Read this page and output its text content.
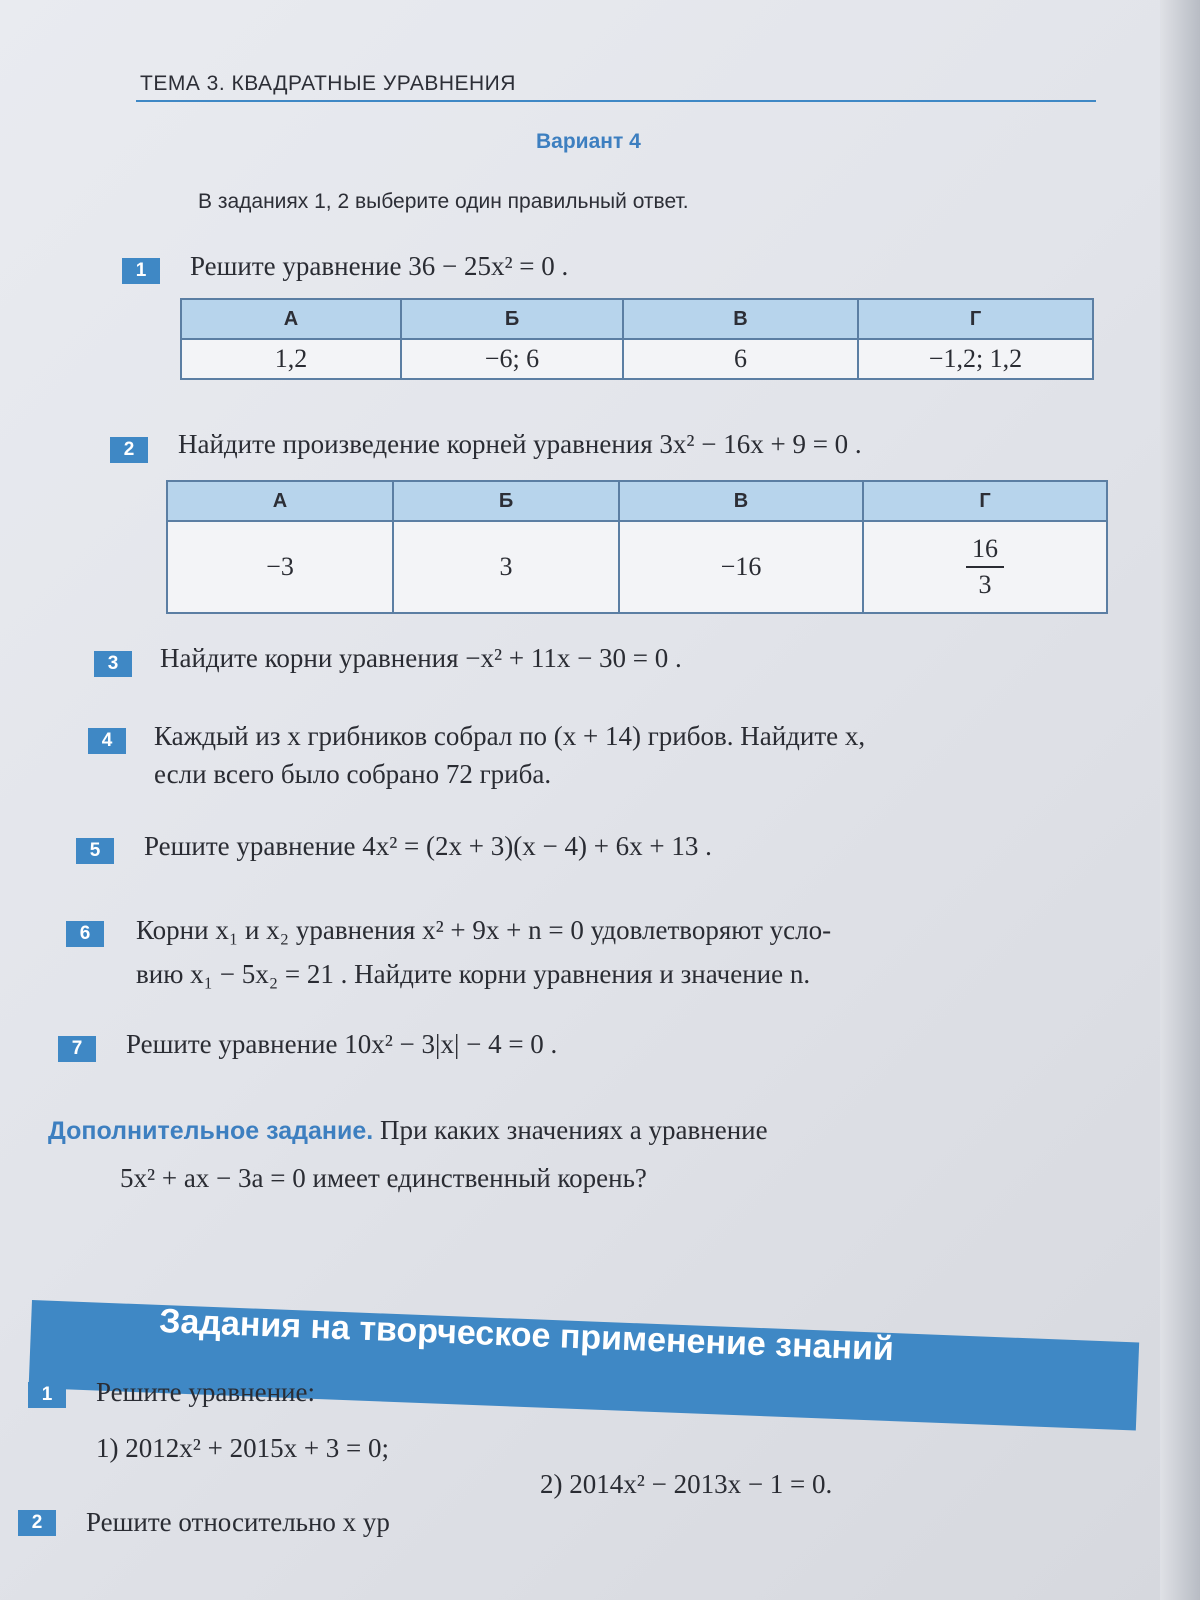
ТЕМА 3. КВАДРАТНЫЕ УРАВНЕНИЯ
Вариант 4
В заданиях 1, 2 выберите один правильный ответ.
1	Решите уравнение 36 − 25x² = 0 .
А	Б	В	Г
1,2	−6; 6	6	−1,2; 1,2
2	Найдите произведение корней уравнения 3x² − 16x + 9 = 0 .
А	Б	В	Г
−3	3	−16	$\frac{16}{3}$
3	Найдите корни уравнения −x² + 11x − 30 = 0 .
4	Каждый из x грибников собрал по (x + 14) грибов. Найдите x,
если всего было собрано 72 гриба.
5	Решите уравнение 4x² = (2x + 3)(x − 4) + 6x + 13 .
6	Корни x₁ и x₂ уравнения x² + 9x + n = 0 удовлетворяют усло-
вию x₁ − 5x₂ = 21 . Найдите корни уравнения и значение n.
7	Решите уравнение 10x² − 3|x| − 4 = 0 .
Дополнительное задание. При каких значениях a уравнение
5x² + ax − 3a = 0 имеет единственный корень?
Задания на творческое применение знаний
1	Решите уравнение:
1) 2012x² + 2015x + 3 = 0;
2) 2014x² − 2013x − 1 = 0.
2	Решите относительно x ур
